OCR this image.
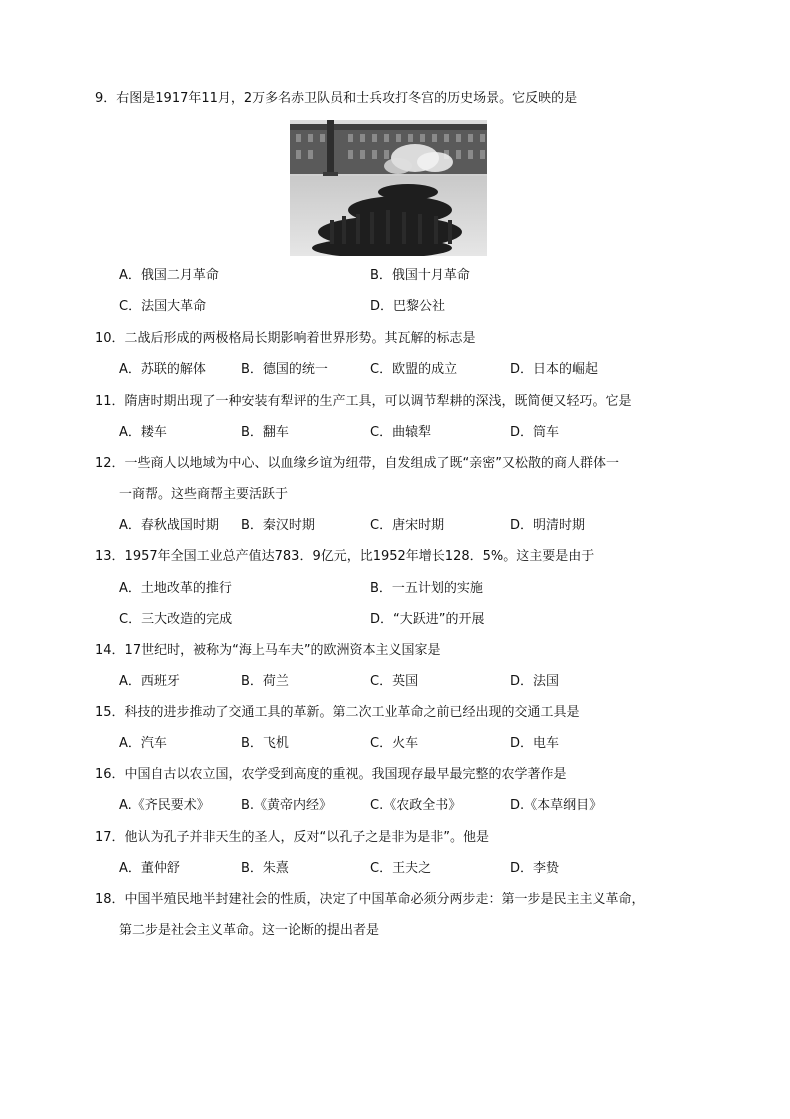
9．右图是1917年11月，2万多名赤卫队员和士兵攻打冬宫的历史场景。它反映的是
A．俄国二月革命	B．俄国十月革命
C．法国大革命	D．巴黎公社
10．二战后形成的两极格局长期影响着世界形势。其瓦解的标志是
A．苏联的解体	B．德国的统一	C．欧盟的成立	D．日本的崛起
11．隋唐时期出现了一种安装有犁评的生产工具，可以调节犁耕的深浅，既简便又轻巧。它是
A．耧车	B．翻车	C．曲辕犁	D．筒车
12．一些商人以地域为中心、以血缘乡谊为纽带，自发组成了既“亲密”又松散的商人群体一
一商帮。这些商帮主要活跃于
A．春秋战国时期 B．秦汉时期	C．唐宋时期	D．明清时期
13．1957年全国工业总产值达783．9亿元，比1952年增长128．5%。这主要是由于
A．土地改革的推行	B．一五计划的实施
C．三大改造的完成	D．“大跃进”的开展
14．17世纪时，被称为“海上马车夫”的欧洲资本主义国家是
A．西班牙	B．荷兰	C．英国	D．法国
15．科技的进步推动了交通工具的革新。第二次工业革命之前已经出现的交通工具是
A．汽车	B．飞机	C．火车	D．电车
16．中国自古以农立国，农学受到高度的重视。我国现存最早最完整的农学著作是
A.《齐民要术》 B.《黄帝内经》	C.《农政全书》	D.《本草纲目》
17．他认为孔子并非天生的圣人，反对“以孔子之是非为是非”。他是
A．董仲舒	B．朱熹	C．王夫之	D．李贽
18．中国半殖民地半封建社会的性质，决定了中国革命必须分两步走：第一步是民主主义革命，
第二步是社会主义革命。这一论断的提出者是
